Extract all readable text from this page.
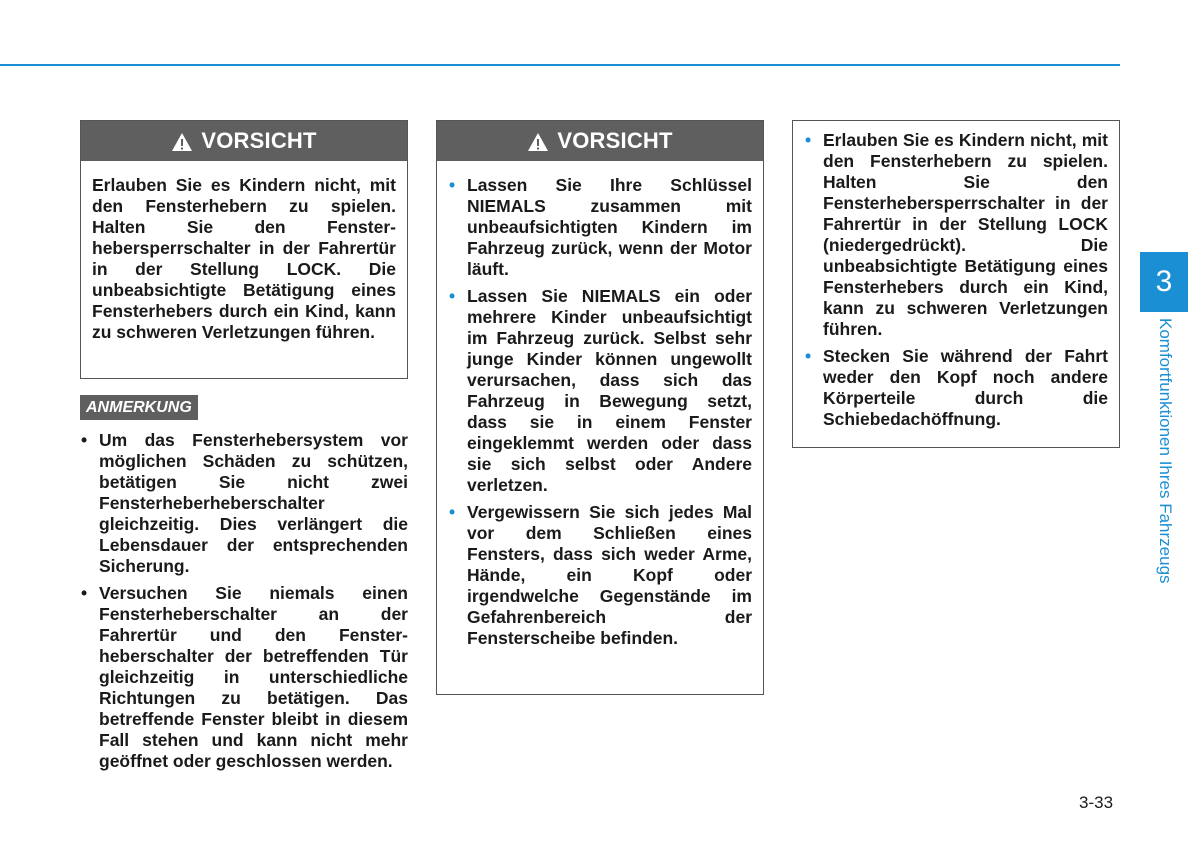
VORSICHT

Erlauben Sie es Kindern nicht, mit den Fensterhebern zu spielen. Halten Sie den Fensterhebersperrschalter in der Fahrertür in der Stellung LOCK. Die unbeabsichtigte Betätigung eines Fensterhebers durch ein Kind, kann zu schweren Verletzungen führen.

ANMERKUNG
• Um das Fensterhebersystem vor möglichen Schäden zu schützen, betätigen Sie nicht zwei Fensterheberheberschalter gleichzeitig. Dies verlängert die Lebensdauer der entsprechenden Sicherung.
• Versuchen Sie niemals einen Fensterheberschalter an der Fahrertür und den Fensterheberschalter der betreffenden Tür gleichzeitig in unterschiedliche Richtungen zu betätigen. Das betreffende Fenster bleibt in diesem Fall stehen und kann nicht mehr geöffnet oder geschlossen werden.
VORSICHT
• Lassen Sie Ihre Schlüssel NIEMALS zusammen mit unbeaufsichtigten Kindern im Fahrzeug zurück, wenn der Motor läuft.
• Lassen Sie NIEMALS ein oder mehrere Kinder unbeaufsichtigt im Fahrzeug zurück. Selbst sehr junge Kinder können ungewollt verursachen, dass sich das Fahrzeug in Bewegung setzt, dass sie in einem Fenster eingeklemmt werden oder dass sie sich selbst oder Andere verletzen.
• Vergewissern Sie sich jedes Mal vor dem Schließen eines Fensters, dass sich weder Arme, Hände, ein Kopf oder irgendwelche Gegenstände im Gefahrenbereich der Fensterscheibe befinden.
• Erlauben Sie es Kindern nicht, mit den Fensterhebern zu spielen. Halten Sie den Fensterhebersperrschalter in der Fahrertür in der Stellung LOCK (niedergedrückt). Die unbeabsichtigte Betätigung eines Fensterhebers durch ein Kind, kann zu schweren Verletzungen führen.
• Stecken Sie während der Fahrt weder den Kopf noch andere Körperteile durch die Schiebedachöffnung.
3
Komfortfunktionen Ihres Fahrzeugs
3-33
